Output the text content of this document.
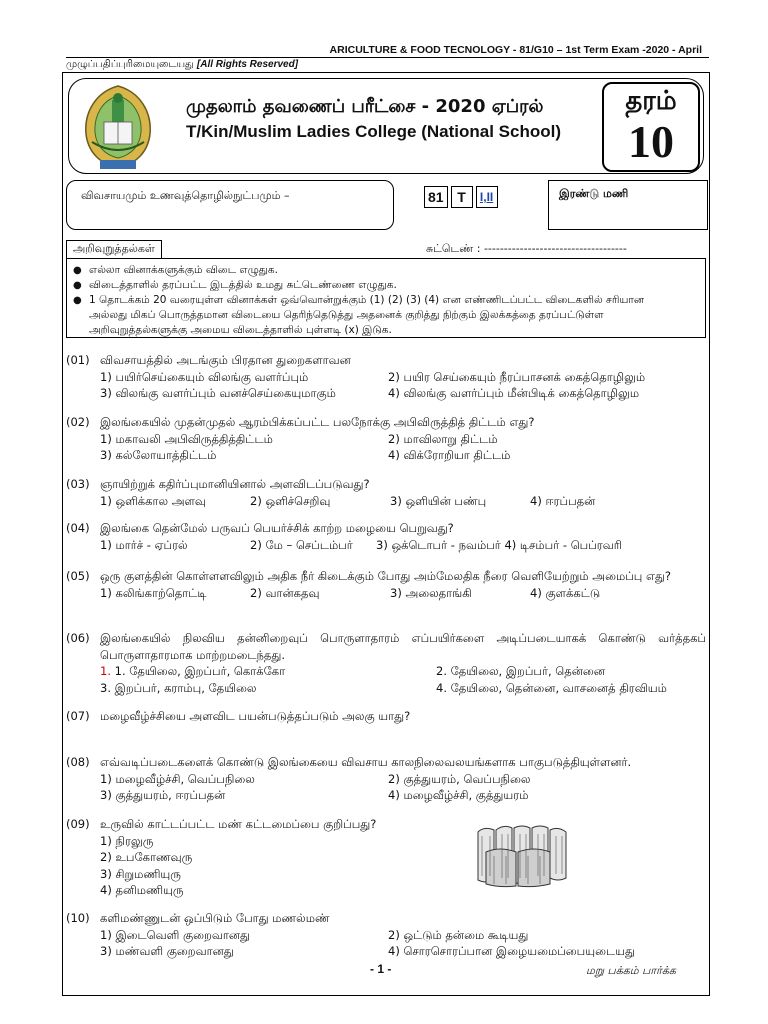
ARICULTURE & FOOD TECNOLOGY - 81/G10 – 1st Term Exam -2020 - April
முழுப்பதிப்புரிமையுடையது [All Rights Reserved]
முதலாம் தவணைப் பரீட்சை - 2020 ஏப்ரல்
T/Kin/Muslim Ladies College (National School)
தரம்
10
விவசாயமும் உணவுத்தொழில்நுட்பமும் –	81 T	I,II	இரண்டு மணி
அறிவுறுத்தல்கள்	சுட்டெண் : ------------------------------------
● எல்லா வினாக்களுக்கும் விடை எழுதுக.
● விடைத்தாளில் தரப்பட்ட இடத்தில் உமது சுட்டெண்ணை எழுதுக.
● 1 தொடக்கம் 20 வரையுள்ள வினாக்கள் ஒவ்வொன்றுக்கும் (1) (2) (3) (4) என எண்ணிடப்பட்ட விடைகளில் சரியான
அல்லது மிகப் பொருத்தமான விடையை தெரிந்தெடுத்து அதனைக் குறித்து நிற்கும் இலக்கத்தை தரப்பட்டுள்ள
அறிவுறுத்தல்களுக்கு அமைய விடைத்தாளில் புள்ளடி (x) இடுக.
(01) விவசாயத்தில் அடங்கும் பிரதான துறைகளாவன
1) பயிர்செய்கையும் விலங்கு வளர்ப்பும்	2) பயிர செய்கையும் நீரப்பாசனக் கைத்தொழிலும்
3) விலங்கு வளர்ப்பும் வனச்செய்கையுமாகும்	4) விலங்கு வளர்ப்பும் மீன்பிடிக் கைத்தொழிலும
(02) இலங்கையில் முதன்முதல் ஆரம்பிக்கப்பட்ட பலநோக்கு அபிவிருத்தித் திட்டம் எது?
1) மகாவலி அபிவிருத்தித்திட்டம்	2) மாவிலாறு திட்டம்
3) கல்லோயாத்திட்டம்	4) விக்ரோறியா திட்டம்
(03) ஞாயிற்றுக் கதிர்ப்புமானியினால் அளவிடப்படுவது?
1) ஒளிக்கால அளவு	2) ஒளிச்செறிவு	3) ஒளியின் பண்பு	4) ஈரப்பதன்
(04) இலங்கை தென்மேல் பருவப் பெயர்ச்சிக் காற்ற மழையை பெறுவது?
1) மார்ச் - ஏப்ரல்	2) மே – செப்டம்பர்	3) ஒக்டொபர் - நவம்பர் 4) டிசம்பர் - பெப்ரவரி
(05) ஒரு குளத்தின் கொள்ளளவிலும் அதிக நீர் கிடைக்கும் போது அம்மேலதிக நீரை வெளியேற்றும் அமைப்பு எது?
1) கலிங்காற்தொட்டி	2) வான்கதவு	3) அலைதாங்கி	4) குளக்கட்டு
(06) இலங்கையில் நிலவிய தன்னிறைவுப் பொருளாதாரம் எப்பயிர்களை அடிப்படையாகக் கொண்டு வர்த்தகப் பொருளாதாரமாக மாற்றமடைந்தது.
1. 1. தேயிலை, இறப்பர், கொக்கோ	2. தேயிலை, இறப்பர், தென்னை
3. இறப்பர், கராம்பு, தேயிலை	4. தேயிலை, தென்னை, வாசனைத் திரவியம்
(07) மழைவீழ்ச்சியை அளவிட பயன்படுத்தப்படும் அலகு யாது?
(08) எவ்வடிப்படைகளைக் கொண்டு இலங்கையை விவசாய காலநிலைவலயங்களாக பாகுபடுத்தியுள்ளனர்.
1) மழைவீழ்ச்சி, வெப்பநிலை	2) குத்துயரம், வெப்பநிலை
3) குத்துயரம், ஈரப்பதன்	4) மழைவீழ்ச்சி, குத்துயரம்
(09) உருவில் காட்டப்பட்ட மண் கட்டமைப்பை குறிப்பது?
1) நிரலுரு
2) உபகோணவுரு
3) சிறுமணியுரு
4) தனிமணியுரு
(10) களிமண்ணுடன் ஒப்பிடும் போது மணல்மண்
1) இடைவெளி குறைவானது	2) ஒட்டும் தன்மை கூடியது
3) மண்வளி குறைவானது	4) சொரசொரப்பான இழையமைப்பையுடையது
- 1 -	மறு பக்கம் பார்க்க
